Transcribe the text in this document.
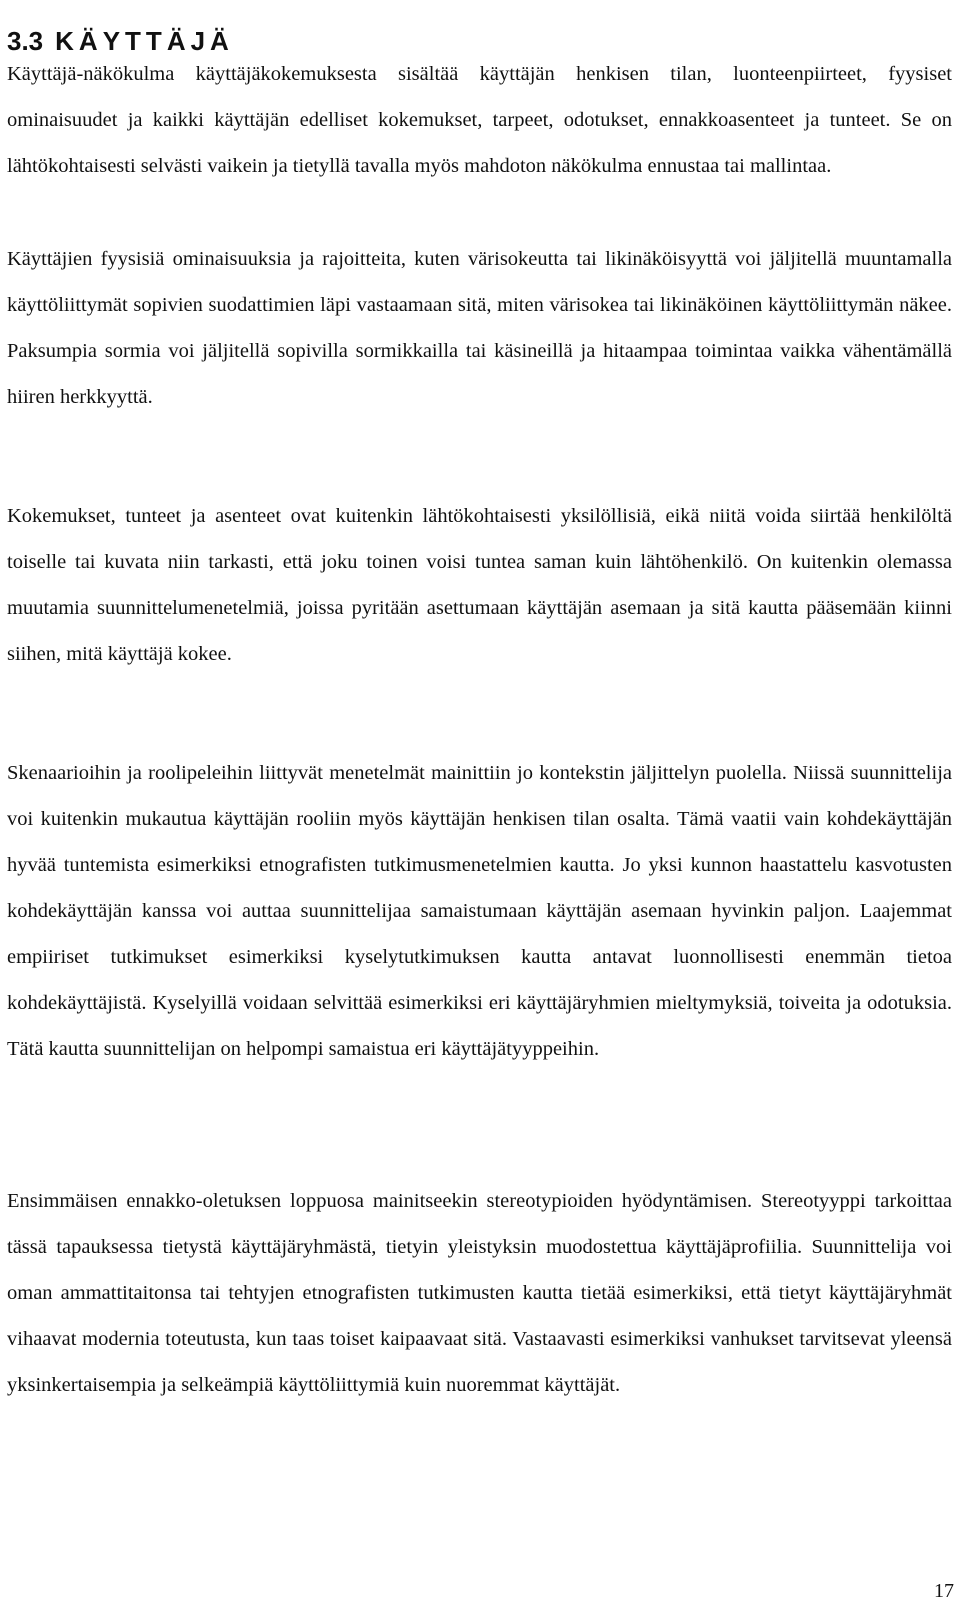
3.3 KÄYTTÄJÄ

Käyttäjä-näkökulma käyttäjäkokemuksesta sisältää käyttäjän henkisen tilan, luonteenpiirteet, fyysiset ominaisuudet ja kaikki käyttäjän edelliset kokemukset, tarpeet, odotukset, ennakkoasenteet ja tunteet. Se on lähtökohtaisesti selvästi vaikein ja tietyllä tavalla myös mahdoton näkökulma ennustaa tai mallintaa.

Käyttäjien fyysisiä ominaisuuksia ja rajoitteita, kuten värisokeutta tai likinäköisyyttä voi jäljitellä muuntamalla käyttöliittymät sopivien suodattimien läpi vastaamaan sitä, miten värisokea tai likinäköinen käyttöliittymän näkee. Paksumpia sormia voi jäljitellä sopivilla sormikkailla tai käsineillä ja hitaampaa toimintaa vaikka vähentämällä hiiren herkkyyttä.

Kokemukset, tunteet ja asenteet ovat kuitenkin lähtökohtaisesti yksilöllisiä, eikä niitä voida siirtää henkilöltä toiselle tai kuvata niin tarkasti, että joku toinen voisi tuntea saman kuin lähtöhenkilö. On kuitenkin olemassa muutamia suunnittelumenetelmiä, joissa pyritään asettumaan käyttäjän asemaan ja sitä kautta pääsemään kiinni siihen, mitä käyttäjä kokee.

Skenaarioihin ja roolipeleihin liittyvät menetelmät mainittiin jo kontekstin jäljittelyn puolella. Niissä suunnittelija voi kuitenkin mukautua käyttäjän rooliin myös käyttäjän henkisen tilan osalta. Tämä vaatii vain kohdekäyttäjän hyvää tuntemista esimerkiksi etnografisten tutkimusmenetelmien kautta. Jo yksi kunnon haastattelu kasvotusten kohdekäyttäjän kanssa voi auttaa suunnittelijaa samaistumaan käyttäjän asemaan hyvinkin paljon. Laajemmat empiiriset tutkimukset esimerkiksi kyselytutkimuksen kautta antavat luonnollisesti enemmän tietoa kohdekäyttäjistä. Kyselyillä voidaan selvittää esimerkiksi eri käyttäjäryhmien mieltymyksiä, toiveita ja odotuksia. Tätä kautta suunnittelijan on helpompi samaistua eri käyttäjätyyppeihin.

Ensimmäisen ennakko-oletuksen loppuosa mainitseekin stereotypioiden hyödyntämisen. Stereotyyppi tarkoittaa tässä tapauksessa tietystä käyttäjäryhmästä, tietyin yleistyksin muodostettua käyttäjäprofiilia. Suunnittelija voi oman ammattitaitonsa tai tehtyjen etnografisten tutkimusten kautta tietää esimerkiksi, että tietyt käyttäjäryhmät vihaavat modernia toteutusta, kun taas toiset kaipaavaat sitä. Vastaavasti esimerkiksi vanhukset tarvitsevat yleensä yksinkertaisempia ja selkeämpiä käyttöliittymiä kuin nuoremmat käyttäjät.

17
